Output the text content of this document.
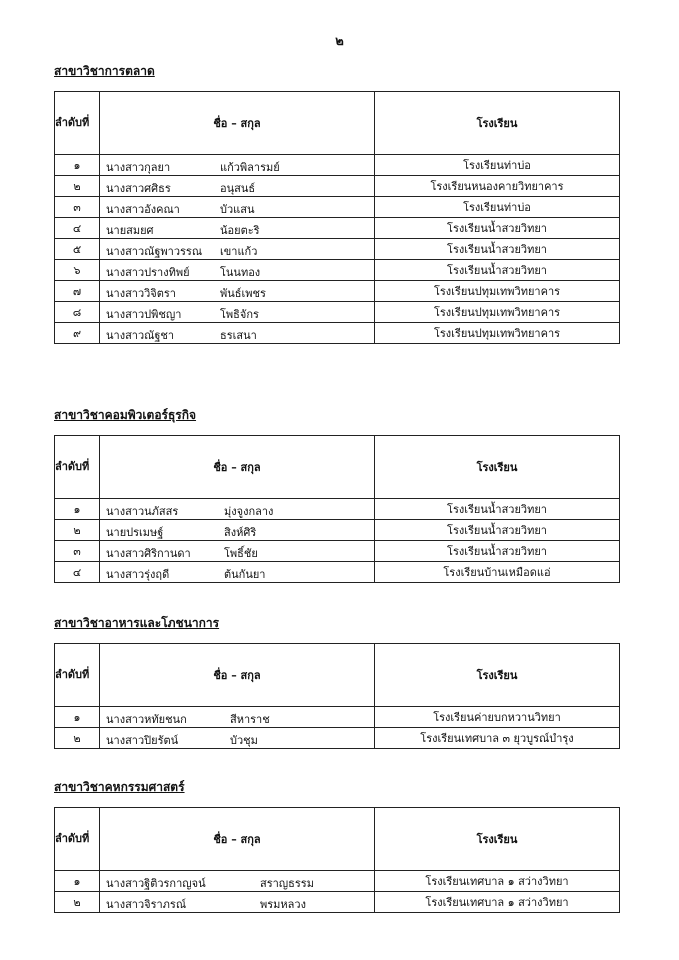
๒
สาขาวิชาการตลาด
ลำดับที่	ชื่อ – สกุล	โรงเรียน
๑	นางสาวกุลยา แก้วพิลารมย์	โรงเรียนท่าบ่อ
๒	นางสาวศศิธร อนุสนธ์	โรงเรียนหนองคายวิทยาคาร
๓	นางสาวอังคณา บัวแสน	โรงเรียนท่าบ่อ
๔	นายสมยศ น้อยตะริ	โรงเรียนน้ำสวยวิทยา
๕	นางสาวณัฐพาวรรณ เขาแก้ว	โรงเรียนน้ำสวยวิทยา
๖	นางสาวปรางทิพย์ โนนทอง	โรงเรียนน้ำสวยวิทยา
๗	นางสาววิจิตรา พันธ์เพชร	โรงเรียนปทุมเทพวิทยาคาร
๘	นางสาวปพิชญา โพธิจักร	โรงเรียนปทุมเทพวิทยาคาร
๙	นางสาวณัฐชา ธรเสนา	โรงเรียนปทุมเทพวิทยาคาร
สาขาวิชาคอมพิวเตอร์ธุรกิจ
ลำดับที่	ชื่อ – สกุล	โรงเรียน
๑	นางสาวนภัสสร มุ่งจูงกลาง	โรงเรียนน้ำสวยวิทยา
๒	นายปรเมษฐ์ สิงห์ศิริ	โรงเรียนน้ำสวยวิทยา
๓	นางสาวศิริกานดา โพธิ์ชัย	โรงเรียนน้ำสวยวิทยา
๔	นางสาวรุ่งฤดี ต้นกันยา	โรงเรียนบ้านเหมือดแอ่
สาขาวิชาอาหารและโภชนาการ
ลำดับที่	ชื่อ – สกุล	โรงเรียน
๑	นางสาวหทัยชนก สีหาราช	โรงเรียนค่ายบกหวานวิทยา
๒	นางสาวปิยรัตน์ บัวชุม	โรงเรียนเทศบาล ๓ ยุวบูรณ์บำรุง
สาขาวิชาคหกรรมศาสตร์
ลำดับที่	ชื่อ – สกุล	โรงเรียน
๑	นางสาวฐิติวรกาญจน์ สราญธรรม	โรงเรียนเทศบาล ๑ สว่างวิทยา
๒	นางสาวจิราภรณ์ พรมหลวง	โรงเรียนเทศบาล ๑ สว่างวิทยา
